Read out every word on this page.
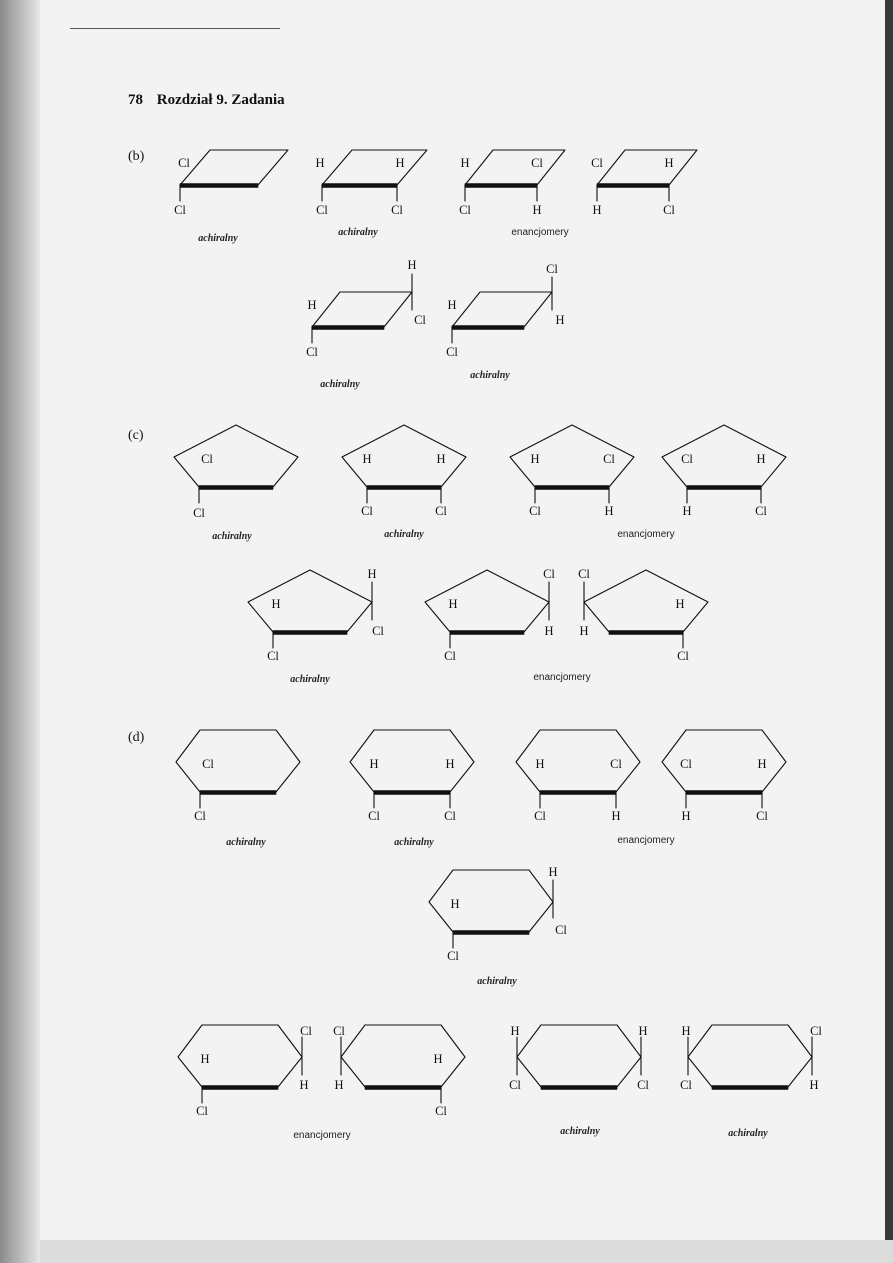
78 Rozdział 9. Zadania
(b)
(c)
(d)
Cl
Cl
H	H
Cl	Cl
H	Cl
Cl	H
Cl	H
H	Cl
achiralny
achiralny	enancjomery
H
Cl
H
Cl
H
Cl
Cl
H
achiralny
achiralny
Cl
Cl	Cl	Cl
H	H
Cl	H
H	Cl
H	Cl
Cl	H
achiralny	achiralny	enancjomery
H
Cl
H
Cl
H
Cl
Cl
H
H
Cl
Cl
H
achiralny	enancjomery
Cl
Cl
H	H
Cl	Cl
H	Cl
Cl	H
Cl	H
H	Cl
achiralny	achiralny	enancjomery
H
Cl
H
Cl
achiralny
H
Cl
Cl
H
H
Cl
Cl
H
H
Cl
H
Cl
H
Cl
Cl
H
enancjomery	achiralny	achiralny
